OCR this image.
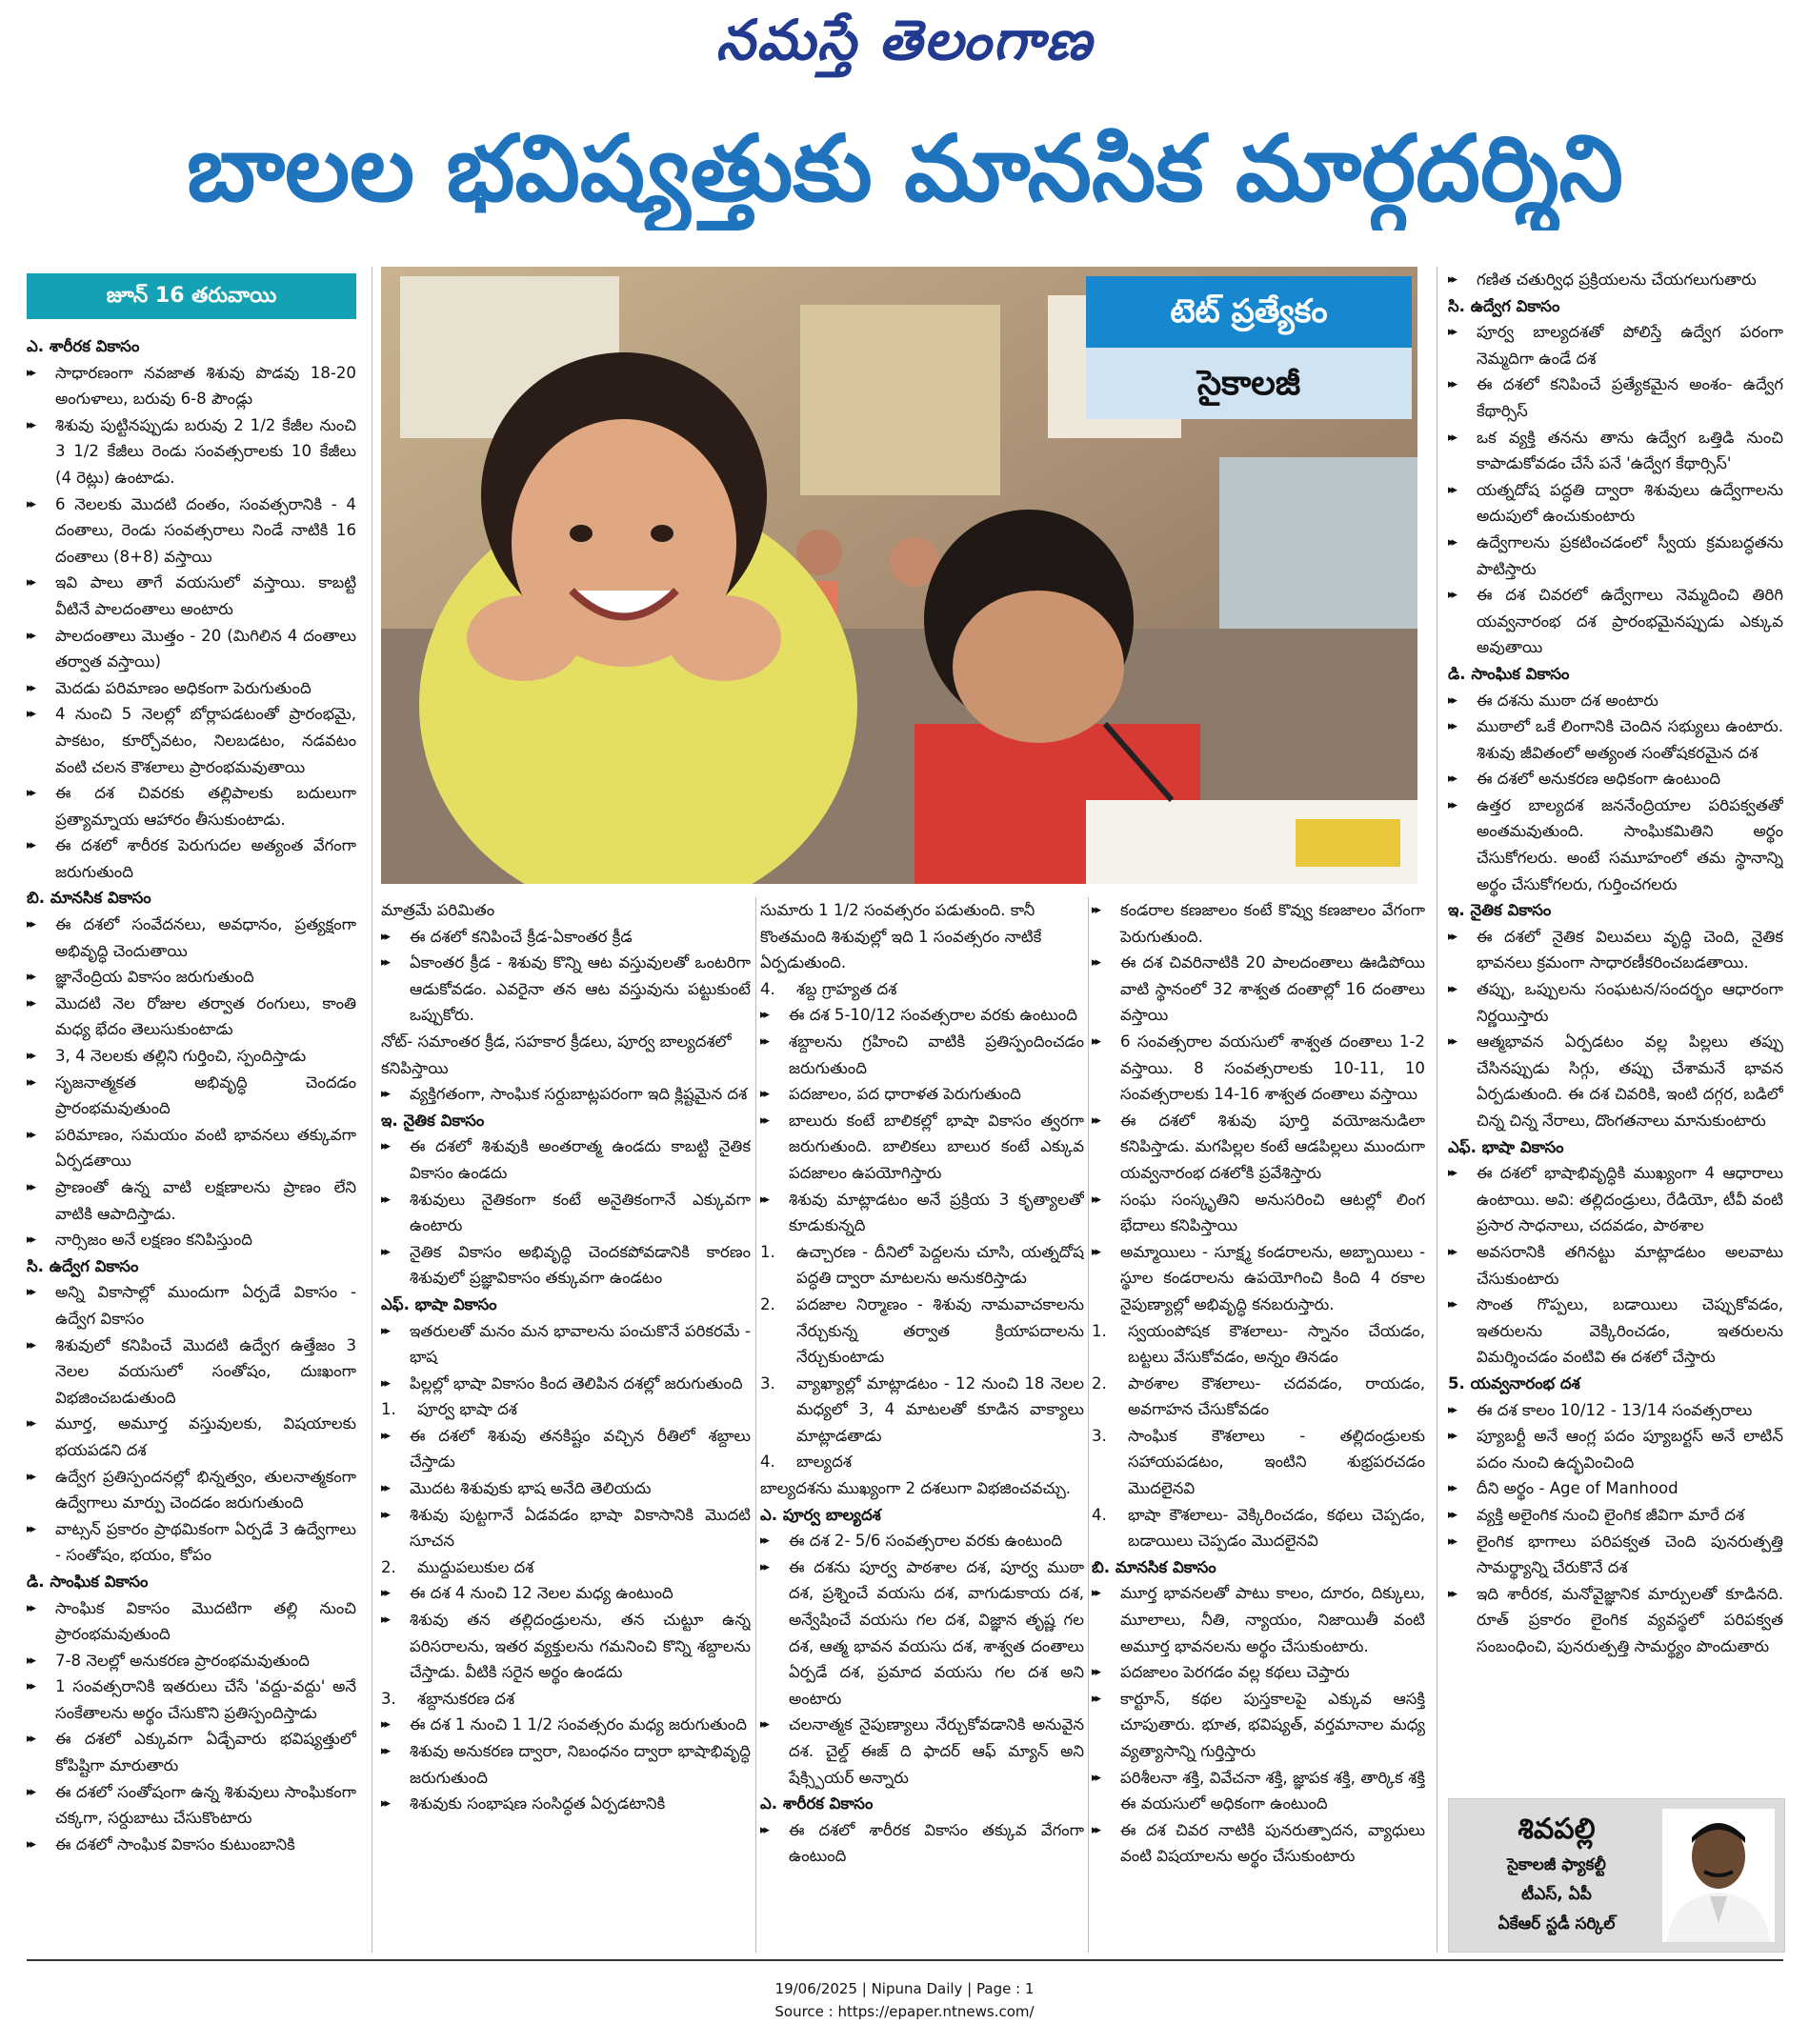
నమస్తే తెలంగాణ
బాలల భవిష్యత్తుకు మానసిక మార్గదర్శిని
జూన్ 16 తరువాయి	టెట్ ప్రత్యేకం
సైకాలజీ

ఎ. శారీరక వికాసం

▸▸ సాధారణంగా నవజాత శిశువు పొడవు 18-20 అంగుళాలు, బరువు 6-8 పౌండ్లు

▸▸ శిశువు పుట్టినప్పుడు బరువు 2 1/2 కేజీల నుంచి 3 1/2 కేజీలు రెండు సంవత్సరాలకు 10 కేజీలు (4 రెట్లు) ఉంటాడు.

▸▸ 6 నెలలకు మొదటి దంతం, సంవత్సరానికి - 4 దంతాలు, రెండు సంవత్సరాలు నిండే నాటికి 16 దంతాలు (8+8) వస్తాయి

▸▸ ఇవి పాలు తాగే వయసులో వస్తాయి. కాబట్టి వీటినే పాలదంతాలు అంటారు

▸▸ పాలదంతాలు మొత్తం - 20 (మిగిలిన 4 దంతాలు తర్వాత వస్తాయి)

▸▸ మెదడు పరిమాణం అధికంగా పెరుగుతుంది

▸▸ 4 నుంచి 5 నెలల్లో బోర్లాపడటంతో ప్రారంభమై, పాకటం, కూర్చోవటం, నిలబడటం, నడవటం వంటి చలన కౌశలాలు ప్రారంభమవుతాయి

▸▸ ఈ దశ చివరకు తల్లిపాలకు బదులుగా ప్రత్యామ్నాయ ఆహారం తీసుకుంటాడు.

▸▸ ఈ దశలో శారీరక పెరుగుదల అత్యంత వేగంగా జరుగుతుంది

బి. మానసిక వికాసం

▸▸ ఈ దశలో సంవేదనలు, అవధానం, ప్రత్యక్షంగా అభివృద్ధి చెందుతాయి

▸▸ జ్ఞానేంద్రియ వికాసం జరుగుతుంది

▸▸ మొదటి నెల రోజుల తర్వాత రంగులు, కాంతి మధ్య భేదం తెలుసుకుంటాడు

▸▸ 3, 4 నెలలకు తల్లిని గుర్తించి, స్పందిస్తాడు

▸▸ సృజనాత్మకత అభివృద్ధి చెందడం ప్రారంభమవుతుంది

▸▸ పరిమాణం, సమయం వంటి భావనలు తక్కువగా ఏర్పడతాయి

▸▸ ప్రాణంతో ఉన్న వాటి లక్షణాలను ప్రాణం లేని వాటికి ఆపాదిస్తాడు.

▸▸ నార్సిజం అనే లక్షణం కనిపిస్తుంది

సి. ఉద్వేగ వికాసం

▸▸ అన్ని వికాసాల్లో ముందుగా ఏర్పడే వికాసం - ఉద్వేగ వికాసం

▸▸ శిశువులో కనిపించే మొదటి ఉద్వేగ ఉత్తేజం 3 నెలల వయసులో సంతోషం, దుఃఖంగా విభజించబడుతుంది

▸▸ మూర్త, అమూర్త వస్తువులకు, విషయాలకు భయపడని దశ

▸▸ ఉద్వేగ ప్రతిస్పందనల్లో భిన్నత్వం, తులనాత్మకంగా ఉద్వేగాలు మార్పు చెందడం జరుగుతుంది

▸▸ వాట్సన్ ప్రకారం ప్రాథమికంగా ఏర్పడే 3 ఉద్వేగాలు - సంతోషం, భయం, కోపం

డి. సాంఘిక వికాసం

▸▸ సాంఘిక వికాసం మొదటిగా తల్లి నుంచి ప్రారంభమవుతుంది

▸▸ 7-8 నెలల్లో అనుకరణ ప్రారంభమవుతుంది

▸▸ 1 సంవత్సరానికి ఇతరులు చేసే 'వద్దు-వద్దు' అనే సంకేతాలను అర్థం చేసుకొని ప్రతిస్పందిస్తాడు

▸▸ ఈ దశలో ఎక్కువగా ఏడ్చేవారు భవిష్యత్తులో కోపిష్టిగా మారుతారు

▸▸ ఈ దశలో సంతోషంగా ఉన్న శిశువులు సాంఘికంగా చక్కగా, సర్దుబాటు చేసుకొంటారు

▸▸ ఈ దశలో సాంఘిక వికాసం కుటుంబానికి

మాత్రమే పరిమితం

▸▸ ఈ దశలో కనిపించే క్రీడ-ఏకాంతర క్రీడ

▸▸ ఏకాంతర క్రీడ - శిశువు కొన్ని ఆట వస్తువులతో ఒంటరిగా ఆడుకోవడం. ఎవరైనా తన ఆట వస్తువును పట్టుకుంటే ఒప్పుకోరు.

నోట్- సమాంతర క్రీడ, సహకార క్రీడలు, పూర్వ బాల్యదశలో కనిపిస్తాయి

▸▸ వ్యక్తిగతంగా, సాంఘిక సర్దుబాట్లపరంగా ఇది క్లిష్టమైన దశ

ఇ. నైతిక వికాసం

▸▸ ఈ దశలో శిశువుకి అంతరాత్మ ఉండదు కాబట్టి నైతిక వికాసం ఉండదు

▸▸ శిశువులు నైతికంగా కంటే అనైతికంగానే ఎక్కువగా ఉంటారు

▸▸ నైతిక వికాసం అభివృద్ధి చెందకపోవడానికి కారణం శిశువులో ప్రజ్ఞావికాసం తక్కువగా ఉండటం

ఎఫ్. భాషా వికాసం

▸▸ ఇతరులతో మనం మన భావాలను పంచుకొనే పరికరమే - భాష

▸▸ పిల్లల్లో భాషా వికాసం కింద తెలిపిన దశల్లో జరుగుతుంది

1. పూర్వ భాషా దశ

▸▸ ఈ దశలో శిశువు తనకిష్టం వచ్చిన రీతిలో శబ్దాలు చేస్తాడు

▸▸ మొదట శిశువుకు భాష అనేది తెలియదు

▸▸ శిశువు పుట్టగానే ఏడవడం భాషా వికాసానికి మొదటి సూచన

2. ముద్దుపలుకుల దశ

▸▸ ఈ దశ 4 నుంచి 12 నెలల మధ్య ఉంటుంది

▸▸ శిశువు తన తల్లిదండ్రులను, తన చుట్టూ ఉన్న పరిసరాలను, ఇతర వ్యక్తులను గమనించి కొన్ని శబ్దాలను చేస్తాడు. వీటికి సరైన అర్థం ఉండదు

3. శబ్దానుకరణ దశ

▸▸ ఈ దశ 1 నుంచి 1 1/2 సంవత్సరం మధ్య జరుగుతుంది

▸▸ శిశువు అనుకరణ ద్వారా, నిబంధనం ద్వారా భాషాభివృద్ధి జరుగుతుంది

▸▸ శిశువుకు సంభాషణ సంసిద్ధత ఏర్పడటానికి

సుమారు 1 1/2 సంవత్సరం పడుతుంది. కానీ కొంతమంది శిశువుల్లో ఇది 1 సంవత్సరం నాటికే ఏర్పడుతుంది.

4. శబ్ద గ్రాహ్యత దశ

▸▸ ఈ దశ 5-10/12 సంవత్సరాల వరకు ఉంటుంది

▸▸ శబ్దాలను గ్రహించి వాటికి ప్రతిస్పందించడం జరుగుతుంది

▸▸ పదజాలం, పద ధారాళత పెరుగుతుంది

▸▸ బాలురు కంటే బాలికల్లో భాషా వికాసం త్వరగా జరుగుతుంది. బాలికలు బాలుర కంటే ఎక్కువ పదజాలం ఉపయోగిస్తారు

▸▸ శిశువు మాట్లాడటం అనే ప్రక్రియ 3 కృత్యాలతో కూడుకున్నది

1. ఉచ్చారణ - దీనిలో పెద్దలను చూసి, యత్నదోష పద్ధతి ద్వారా మాటలను అనుకరిస్తాడు

2. పదజాల నిర్మాణం - శిశువు నామవాచకాలను నేర్చుకున్న తర్వాత క్రియాపదాలను నేర్చుకుంటాడు

3. వ్యాఖ్యాల్లో మాట్లాడటం - 12 నుంచి 18 నెలల మధ్యలో 3, 4 మాటలతో కూడిన వాక్యాలు మాట్లాడతాడు

4. బాల్యదశ

బాల్యదశను ముఖ్యంగా 2 దశలుగా విభజించవచ్చు.

ఎ. పూర్వ బాల్యదశ

▸▸ ఈ దశ 2- 5/6 సంవత్సరాల వరకు ఉంటుంది

▸▸ ఈ దశను పూర్వ పాఠశాల దశ, పూర్వ ముఠా దశ, ప్రశ్నించే వయసు దశ, వాగుడుకాయ దశ, అన్వేషించే వయసు గల దశ, విజ్ఞాన తృష్ణ గల దశ, ఆత్మ భావన వయసు దశ, శాశ్వత దంతాలు ఏర్పడే దశ, ప్రమాద వయసు గల దశ అని అంటారు

▸▸ చలనాత్మక నైపుణ్యాలు నేర్చుకోవడానికి అనువైన దశ. చైల్డ్ ఈజ్ ది ఫాదర్ ఆఫ్ మ్యాన్ అని షేక్స్పియర్ అన్నారు

ఎ. శారీరక వికాసం

▸▸ ఈ దశలో శారీరక వికాసం తక్కువ వేగంగా ఉంటుంది

▸▸ కండరాల కణజాలం కంటే కొవ్వు కణజాలం వేగంగా పెరుగుతుంది.

▸▸ ఈ దశ చివరినాటికి 20 పాలదంతాలు ఊడిపోయి వాటి స్థానంలో 32 శాశ్వత దంతాల్లో 16 దంతాలు వస్తాయి

▸▸ 6 సంవత్సరాల వయసులో శాశ్వత దంతాలు 1-2 వస్తాయి. 8 సంవత్సరాలకు 10-11, 10 సంవత్సరాలకు 14-16 శాశ్వత దంతాలు వస్తాయి

▸▸ ఈ దశలో శిశువు పూర్తి వయోజనుడిలా కనిపిస్తాడు. మగపిల్లల కంటే ఆడపిల్లలు ముందుగా యవ్వనారంభ దశలోకి ప్రవేశిస్తారు

▸▸ సంఘ సంస్కృతిని అనుసరించి ఆటల్లో లింగ భేదాలు కనిపిస్తాయి

▸▸ అమ్మాయిలు - సూక్ష్మ కండరాలను, అబ్బాయిలు - స్థూల కండరాలను ఉపయోగించి కింది 4 రకాల నైపుణ్యాల్లో అభివృద్ధి కనబరుస్తారు.

1. స్వయంపోషక కౌశలాలు- స్నానం చేయడం, బట్టలు వేసుకోవడం, అన్నం తినడం

2. పాఠశాల కౌశలాలు- చదవడం, రాయడం, అవగాహన చేసుకోవడం

3. సాంఘిక కౌశలాలు - తల్లిదండ్రులకు సహాయపడటం, ఇంటిని శుభ్రపరచడం మొదలైనవి

4. భాషా కౌశలాలు- వెక్కిరించడం, కథలు చెప్పడం, బడాయిలు చెప్పడం మొదలైనవి

బి. మానసిక వికాసం

▸▸ మూర్త భావనలతో పాటు కాలం, దూరం, దిక్కులు, మూలాలు, నీతి, న్యాయం, నిజాయితీ వంటి అమూర్త భావనలను అర్థం చేసుకుంటారు.

▸▸ పదజాలం పెరగడం వల్ల కథలు చెప్తారు

▸▸ కార్టూన్, కథల పుస్తకాలపై ఎక్కువ ఆసక్తి చూపుతారు. భూత, భవిష్యత్, వర్తమానాల మధ్య వ్యత్యాసాన్ని గుర్తిస్తారు

▸▸ పరిశీలనా శక్తి, వివేచనా శక్తి, జ్ఞాపక శక్తి, తార్కిక శక్తి ఈ వయసులో అధికంగా ఉంటుంది

▸▸ ఈ దశ చివర నాటికి పునరుత్పాదన, వ్యాధులు వంటి విషయాలను అర్థం చేసుకుంటారు

▸▸ గణిత చతుర్విధ ప్రక్రియలను చేయగలుగుతారు

సి. ఉద్వేగ వికాసం

▸▸ పూర్వ బాల్యదశతో పోలిస్తే ఉద్వేగ పరంగా నెమ్మదిగా ఉండే దశ

▸▸ ఈ దశలో కనిపించే ప్రత్యేకమైన అంశం- ఉద్వేగ కేథార్సిస్

▸▸ ఒక వ్యక్తి తనను తాను ఉద్వేగ ఒత్తిడి నుంచి కాపాడుకోవడం చేసే పనే 'ఉద్వేగ కేథార్సిస్'

▸▸ యత్నదోష పద్ధతి ద్వారా శిశువులు ఉద్వేగాలను అదుపులో ఉంచుకుంటారు

▸▸ ఉద్వేగాలను ప్రకటించడంలో స్వీయ క్రమబద్ధతను పాటిస్తారు

▸▸ ఈ దశ చివరలో ఉద్వేగాలు నెమ్మదించి తిరిగి యవ్వనారంభ దశ ప్రారంభమైనప్పుడు ఎక్కువ అవుతాయి

డి. సాంఘిక వికాసం

▸▸ ఈ దశను ముఠా దశ అంటారు

▸▸ ముఠాలో ఒకే లింగానికి చెందిన సభ్యులు ఉంటారు. శిశువు జీవితంలో అత్యంత సంతోషకరమైన దశ

▸▸ ఈ దశలో అనుకరణ అధికంగా ఉంటుంది

▸▸ ఉత్తర బాల్యదశ జననేంద్రియాల పరిపక్వతతో అంతమవుతుంది. సాంఘికమితిని అర్థం చేసుకోగలరు. అంటే సమూహంలో తమ స్థానాన్ని అర్థం చేసుకోగలరు, గుర్తించగలరు

ఇ. నైతిక వికాసం

▸▸ ఈ దశలో నైతిక విలువలు వృద్ధి చెంది, నైతిక భావనలు క్రమంగా సాధారణీకరించబడతాయి.

▸▸ తప్పు, ఒప్పులను సంఘటన/సందర్భం ఆధారంగా నిర్ణయిస్తారు

▸▸ ఆత్మభావన ఏర్పడటం వల్ల పిల్లలు తప్పు చేసినప్పుడు సిగ్గు, తప్పు చేశామనే భావన ఏర్పడుతుంది. ఈ దశ చివరికి, ఇంటి దగ్గర, బడిలో చిన్న చిన్న నేరాలు, దొంగతనాలు మానుకుంటారు

ఎఫ్. భాషా వికాసం

▸▸ ఈ దశలో భాషాభివృద్ధికి ముఖ్యంగా 4 ఆధారాలు ఉంటాయి. అవి: తల్లిదండ్రులు, రేడియో, టీవీ వంటి ప్రసార సాధనాలు, చదవడం, పాఠశాల

▸▸ అవసరానికి తగినట్టు మాట్లాడటం అలవాటు చేసుకుంటారు

▸▸ సొంత గొప్పలు, బడాయిలు చెప్పుకోవడం, ఇతరులను వెక్కిరించడం, ఇతరులను విమర్శించడం వంటివి ఈ దశలో చేస్తారు

5. యవ్వనారంభ దశ

▸▸ ఈ దశ కాలం 10/12 - 13/14 సంవత్సరాలు

▸▸ ప్యూబర్టీ అనే ఆంగ్ల పదం ప్యూబర్టస్ అనే లాటిన్ పదం నుంచి ఉద్భవించింది

▸▸ దీని అర్థం - Age of Manhood

▸▸ వ్యక్తి అలైంగిక నుంచి లైంగిక జీవిగా మారే దశ

▸▸ లైంగిక భాగాలు పరిపక్వత చెంది పునరుత్పత్తి సామర్థ్యాన్ని చేరుకొనే దశ

▸▸ ఇది శారీరక, మనోవైజ్ఞానిక మార్పులతో కూడినది. రూత్ ప్రకారం లైంగిక వ్యవస్థలో పరిపక్వత సంబంధించి, పునరుత్పత్తి సామర్థ్యం పొందుతారు

శివపల్లి
సైకాలజీ ఫ్యాకల్టీ
టీఎస్, ఏపీ
ఏకేఆర్ స్టడీ సర్కిల్
19/06/2025 | Nipuna Daily | Page : 1
Source : https://epaper.ntnews.com/
